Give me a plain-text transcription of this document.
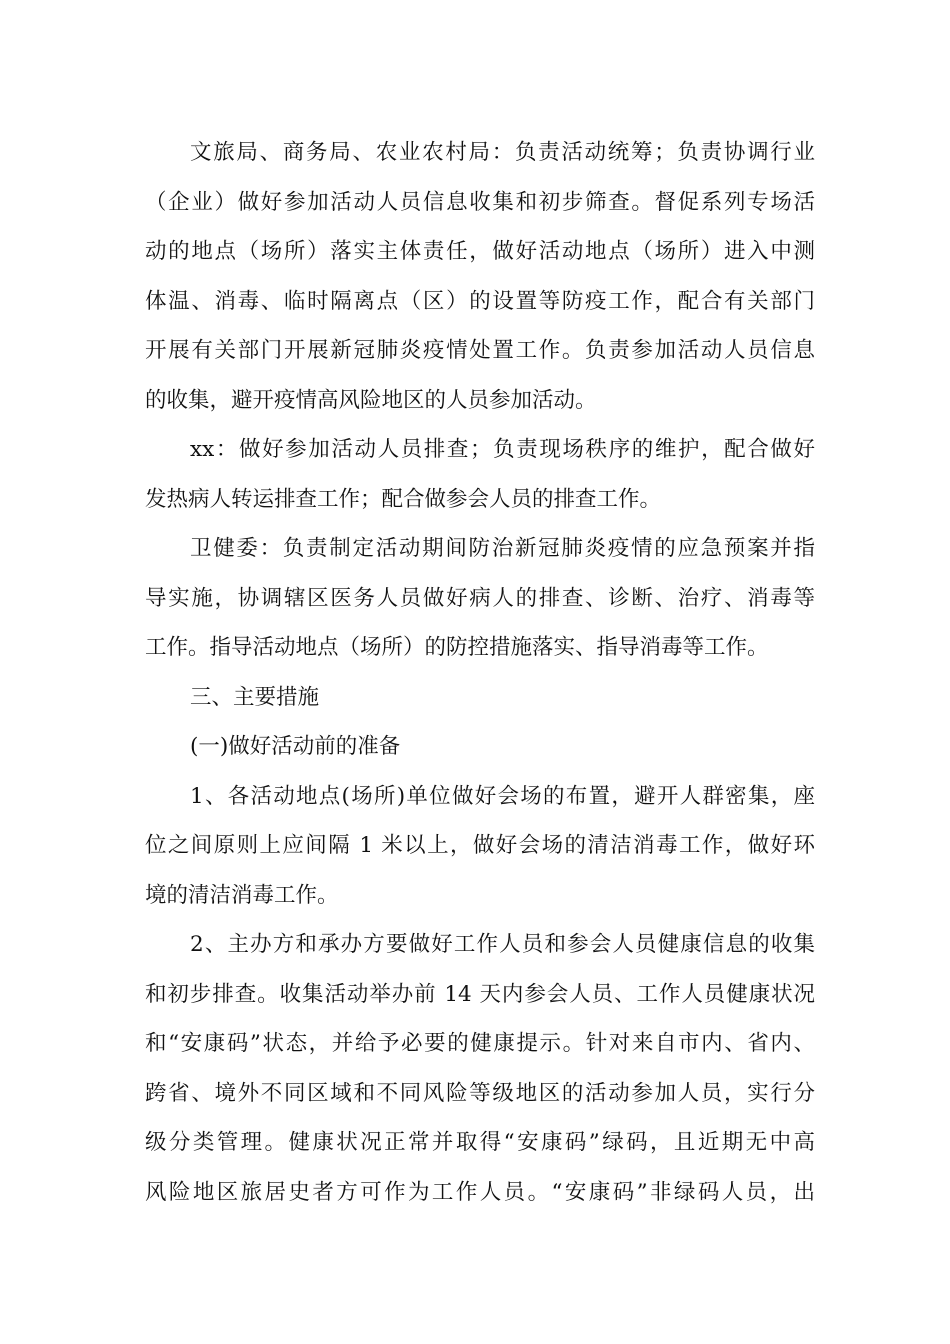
文旅局、商务局、农业农村局：负责活动统筹；负责协调行业
（企业）做好参加活动人员信息收集和初步筛查。督促系列专场活
动的地点（场所）落实主体责任，做好活动地点（场所）进入中测
体温、消毒、临时隔离点（区）的设置等防疫工作，配合有关部门
开展有关部门开展新冠肺炎疫情处置工作。负责参加活动人员信息
的收集，避开疫情高风险地区的人员参加活动。
xx：做好参加活动人员排查；负责现场秩序的维护，配合做好
发热病人转运排查工作；配合做参会人员的排查工作。
卫健委：负责制定活动期间防治新冠肺炎疫情的应急预案并指
导实施，协调辖区医务人员做好病人的排查、诊断、治疗、消毒等
工作。指导活动地点（场所）的防控措施落实、指导消毒等工作。
三、主要措施
(一)做好活动前的准备
1、各活动地点(场所)单位做好会场的布置，避开人群密集，座
位之间原则上应间隔 1 米以上，做好会场的清洁消毒工作，做好环
境的清洁消毒工作。
2、主办方和承办方要做好工作人员和参会人员健康信息的收集
和初步排查。收集活动举办前 14 天内参会人员、工作人员健康状况
和“安康码”状态，并给予必要的健康提示。针对来自市内、省内、
跨省、境外不同区域和不同风险等级地区的活动参加人员，实行分
级分类管理。健康状况正常并取得“安康码”绿码，且近期无中高
风险地区旅居史者方可作为工作人员。“安康码”非绿码人员，出
